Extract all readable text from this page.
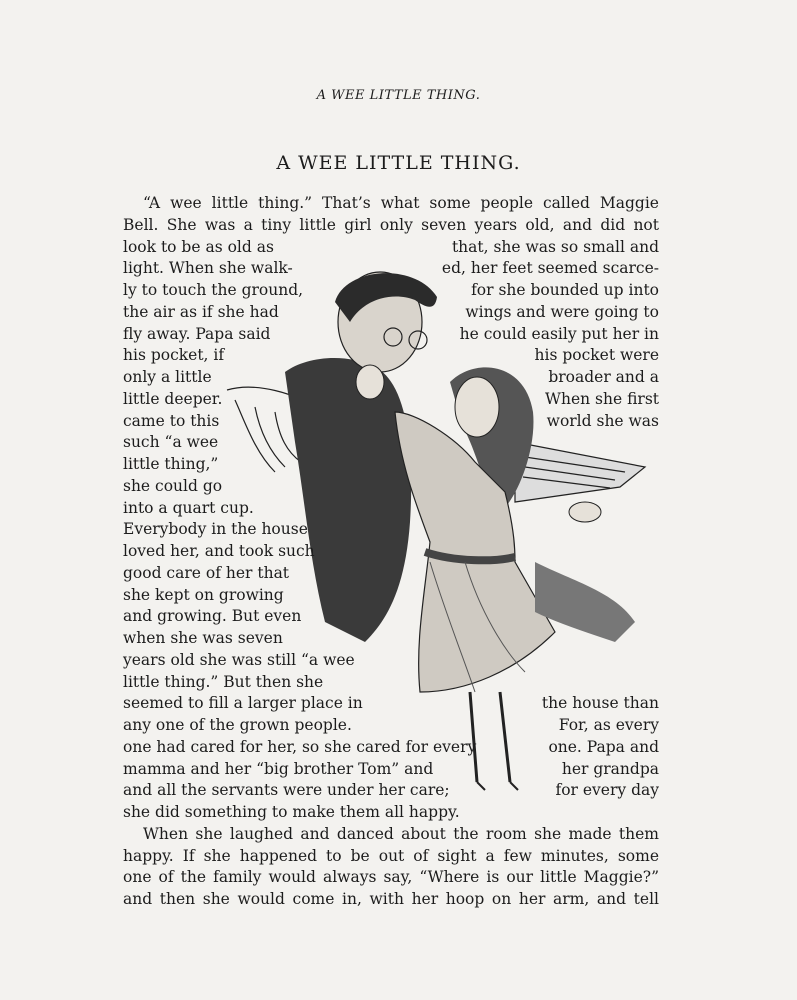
A WEE LITTLE THING.
A WEE LITTLE THING.
“A wee little thing.” That’s what some people called Maggie
Bell. She was a tiny little girl only seven years old, and did not
look to be as old as	that, she was so small and
light. When she walk-	ed, her feet seemed scarce-
ly to touch the ground,	for she bounded up into
the air as if she had	wings and were going to
fly away. Papa said	he could easily put her in
his pocket, if	his pocket were
only a little	broader and a
little deeper.	When she first
came to this	world she was
such “a wee
little thing,”
she could go
into a quart cup.
Everybody in the house
loved her, and took such
good care of her that
she kept on growing
and growing. But even
when she was seven
years old she was still “a wee
little thing.” But then she
seemed to fill a larger place in	the house than
any one of the grown people.	For, as every
one had cared for her, so she cared for every	one. Papa and
mamma and her “big brother Tom” and	her grandpa
and all the servants were under her care;	for every day
she did something to make them all happy.
When she laughed and danced about the room she made them
happy. If she happened to be out of sight a few minutes, some
one of the family would always say, “Where is our little Maggie?”
and then she would come in, with her hoop on her arm, and tell
